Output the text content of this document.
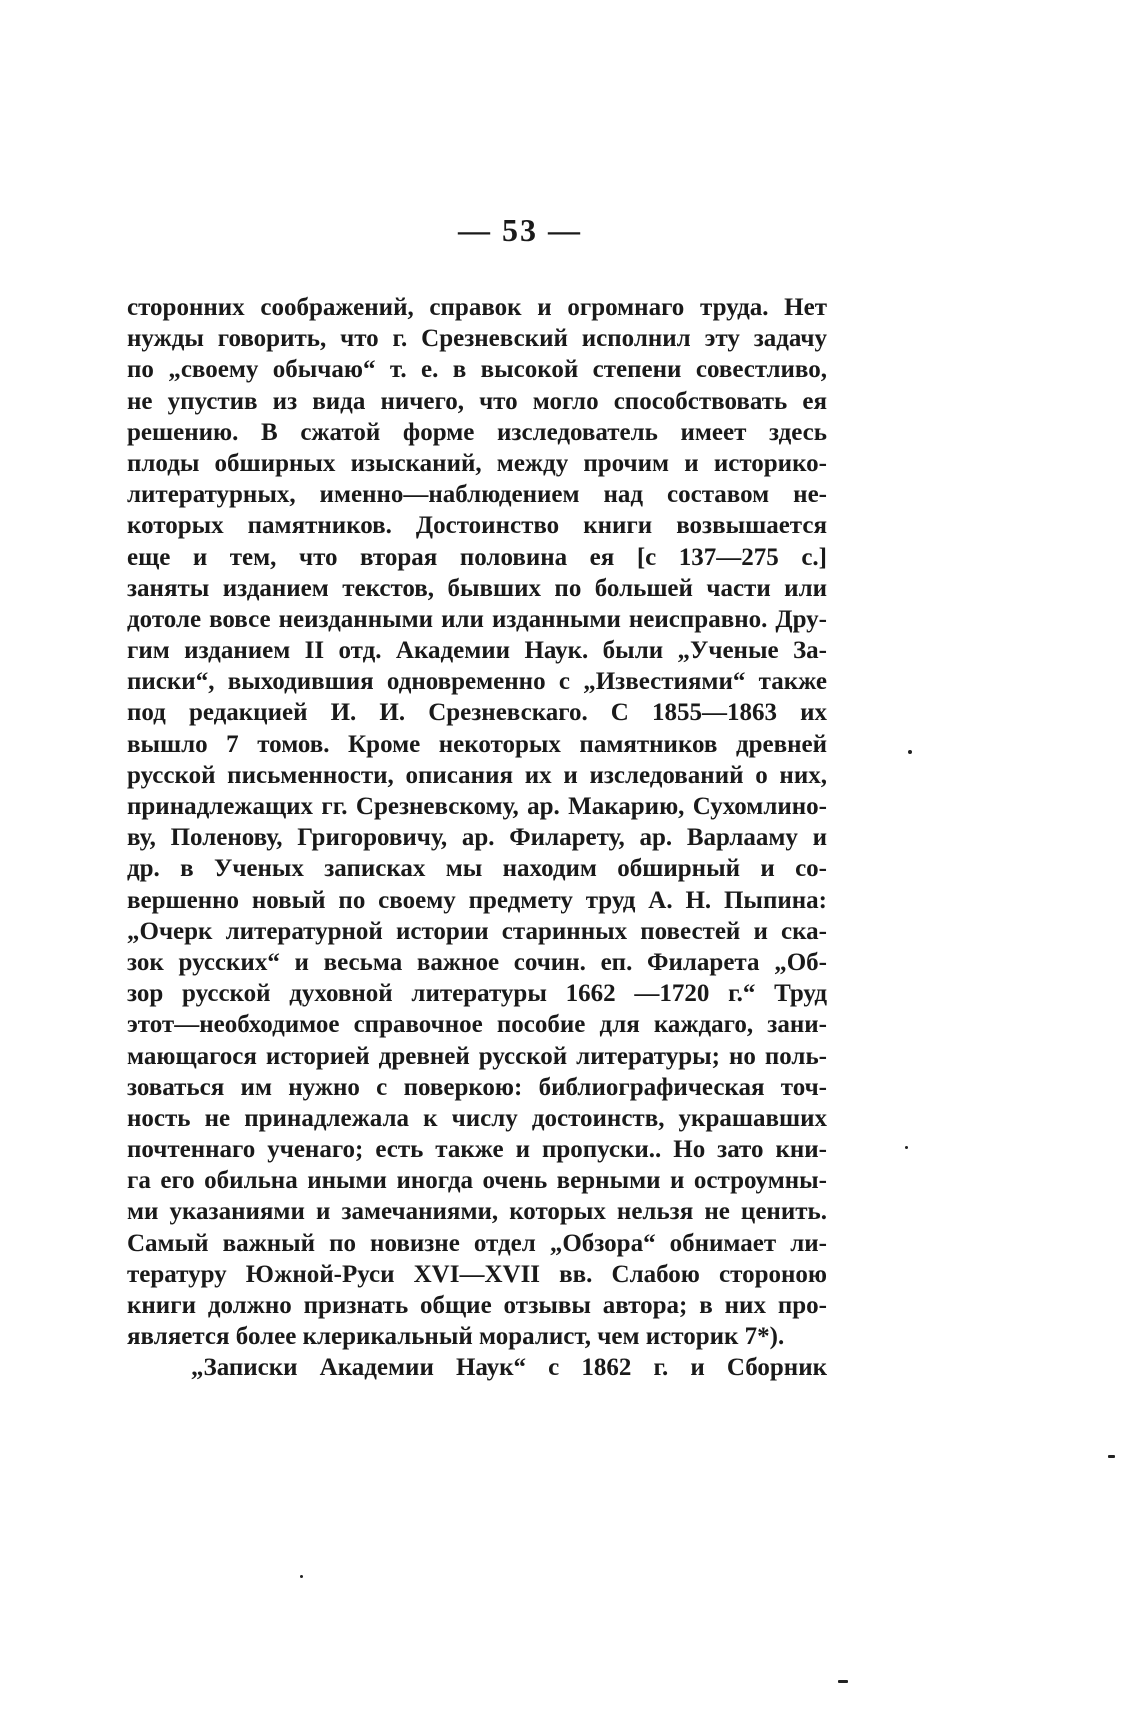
— 53 —
сторонних соображений, справок и огромнаго труда. Нет
нужды говорить, что г. Срезневский исполнил эту задачу
по „своему обычаю“ т. е. в высокой степени совестливо,
не упустив из вида ничего, что могло способствовать ея
решению. В сжатой форме изследователь имеет здесь
плоды обширных изысканий, между прочим и историко-
литературных, именно—наблюдением над составом не-
которых памятников. Достоинство книги возвышается
еще и тем, что вторая половина ея [с 137—275 с.]
заняты изданием текстов, бывших по большей части или
дотоле вовсе неизданными или изданными неисправно. Дру-
гим изданием II отд. Академии Наук. были „Ученые За-
писки“, выходившия одновременно с „Известиями“ также
под редакцией И. И. Срезневскаго. С 1855—1863 их
вышло 7 томов. Кроме некоторых памятников древней
русской письменности, описания их и изследований о них,
принадлежащих гг. Срезневскому, ар. Макарию, Сухомлино-
ву, Поленову, Григоровичу, ар. Филарету, ар. Варлааму и
др. в Ученых записках мы находим обширный и со-
вершенно новый по своему предмету труд А. Н. Пыпина:
„Очерк литературной истории старинных повестей и ска-
зок русских“ и весьма важное сочин. еп. Филарета „Об-
зор русской духовной литературы 1662 —1720 г.“ Труд
этот—необходимое справочное пособие для каждаго, зани-
мающагося историей древней русской литературы; но поль-
зоваться им нужно с поверкою: библиографическая точ-
ность не принадлежала к числу достоинств, украшавших
почтеннаго ученаго; есть также и пропуски.. Но зато кни-
га его обильна иными иногда очень верными и остроумны-
ми указаниями и замечаниями, которых нельзя не ценить.
Самый важный по новизне отдел „Обзора“ обнимает ли-
тературу Южной-Руси XVI—XVII вв. Слабою стороною
книги должно признать общие отзывы автора; в них про-
является более клерикальный моралист, чем историк 7*).
„Записки Академии Наук“ с 1862 г. и Сборник
